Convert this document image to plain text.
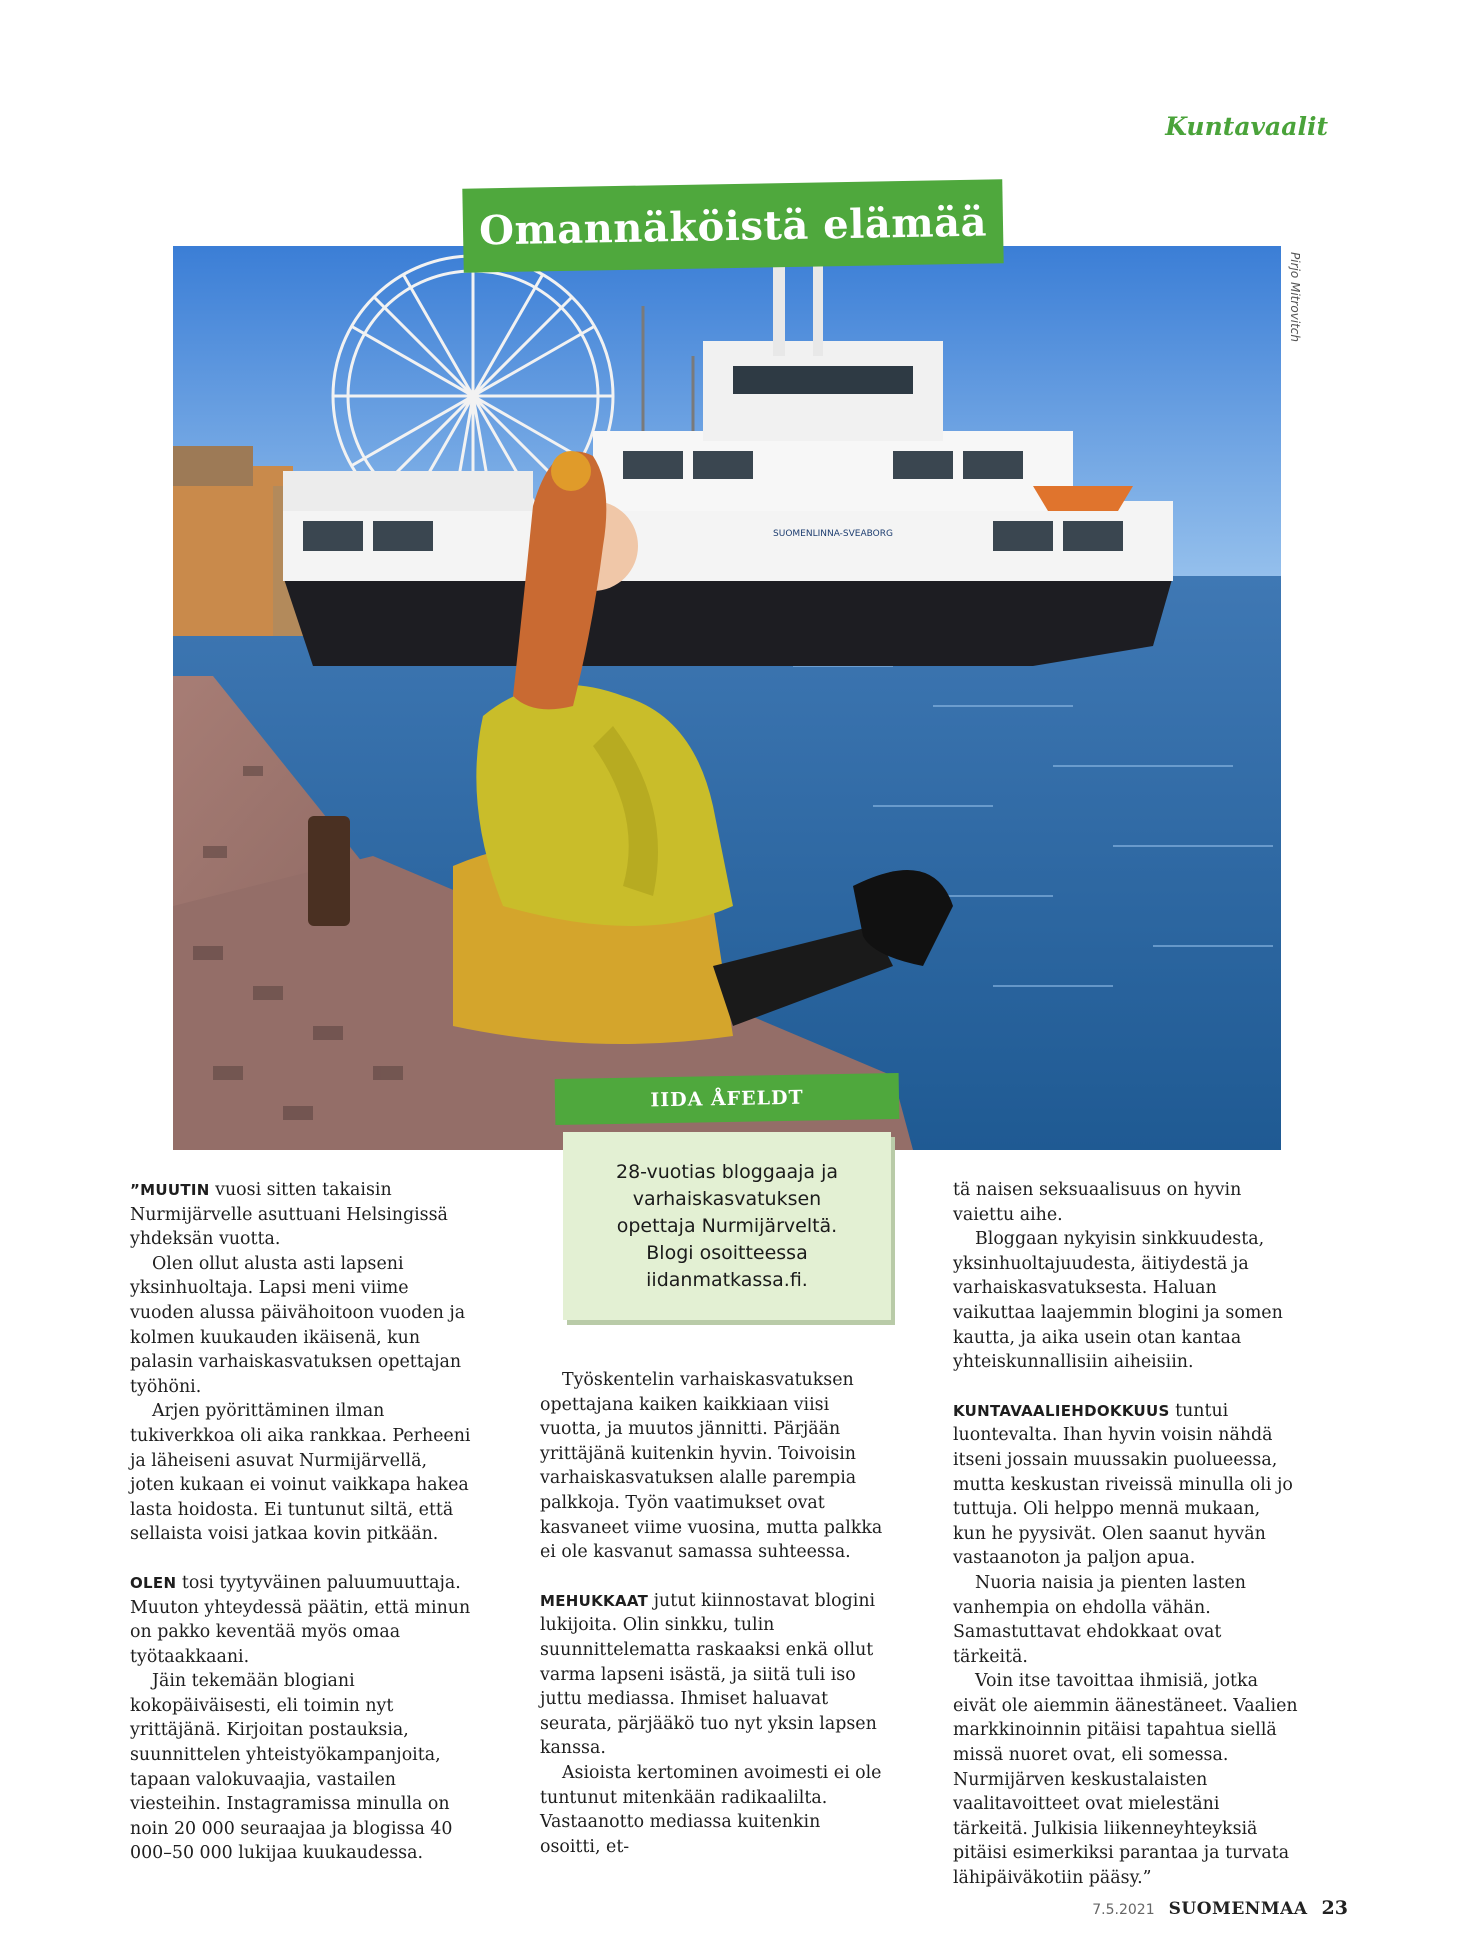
Kuntavaalit
SUOMENLINNA-SVEABORG
Pirjo Mitrovitch
Omannäköistä elämää
IIDA ÅFELDT

28-vuotias bloggaaja ja varhaiskasvatuksen opettaja Nurmijärveltä. Blogi osoitteessa iidanmatkassa.fi.

”MUUTIN vuosi sitten takaisin Nurmijärvelle asuttuani Helsingissä yhdeksän vuotta.

Olen ollut alusta asti lapseni yksinhuoltaja. Lapsi meni viime vuoden alussa päivähoitoon vuoden ja kolmen kuukauden ikäisenä, kun palasin varhaiskasvatuksen opettajan työhöni.

Arjen pyörittäminen ilman tukiverkkoa oli aika rankkaa. Perheeni ja läheiseni asuvat Nurmijärvellä, joten kukaan ei voinut vaikkapa hakea lasta hoidosta. Ei tuntunut siltä, että sellaista voisi jatkaa kovin pitkään.

OLEN tosi tyytyväinen paluumuuttaja. Muuton yhteydessä päätin, että minun on pakko keventää myös omaa työtaakkaani.

Jäin tekemään blogiani kokopäiväisesti, eli toimin nyt yrittäjänä. Kirjoitan postauksia, suunnittelen yhteistyökampanjoita, tapaan valokuvaajia, vastailen viesteihin. Instagramissa minulla on noin 20 000 seuraajaa ja blogissa 40 000–50 000 lukijaa kuukaudessa.

Työskentelin varhaiskasvatuksen opettajana kaiken kaikkiaan viisi vuotta, ja muutos jännitti. Pärjään yrittäjänä kuitenkin hyvin. Toivoisin varhaiskasvatuksen alalle parempia palkkoja. Työn vaatimukset ovat kasvaneet viime vuosina, mutta palkka ei ole kasvanut samassa suhteessa.

MEHUKKAAT jutut kiinnostavat blogini lukijoita. Olin sinkku, tulin suunnittelematta raskaaksi enkä ollut varma lapseni isästä, ja siitä tuli iso juttu mediassa. Ihmiset haluavat seurata, pärjääkö tuo nyt yksin lapsen kanssa.

Asioista kertominen avoimesti ei ole tuntunut mitenkään radikaalilta. Vastaanotto mediassa kuitenkin osoitti, et-

tä naisen seksuaalisuus on hyvin vaiettu aihe.

Bloggaan nykyisin sinkkuudesta, yksinhuoltajuudesta, äitiydestä ja varhaiskasvatuksesta. Haluan vaikuttaa laajemmin blogini ja somen kautta, ja aika usein otan kantaa yhteiskunnallisiin aiheisiin.

KUNTAVAALIEHDOKKUUS tuntui luontevalta. Ihan hyvin voisin nähdä itseni jossain muussakin puolueessa, mutta keskustan riveissä minulla oli jo tuttuja. Oli helppo mennä mukaan, kun he pyysivät. Olen saanut hyvän vastaanoton ja paljon apua.

Nuoria naisia ja pienten lasten vanhempia on ehdolla vähän. Samastuttavat ehdokkaat ovat tärkeitä.

Voin itse tavoittaa ihmisiä, jotka eivät ole aiemmin äänestäneet. Vaalien markkinoinnin pitäisi tapahtua siellä missä nuoret ovat, eli somessa. Nurmijärven keskustalaisten vaalitavoitteet ovat mielestäni tärkeitä. Julkisia liikenneyhteyksiä pitäisi esimerkiksi parantaa ja turvata lähipäiväkotiin pääsy.”

7.5.2021 SUOMENMAA 23
